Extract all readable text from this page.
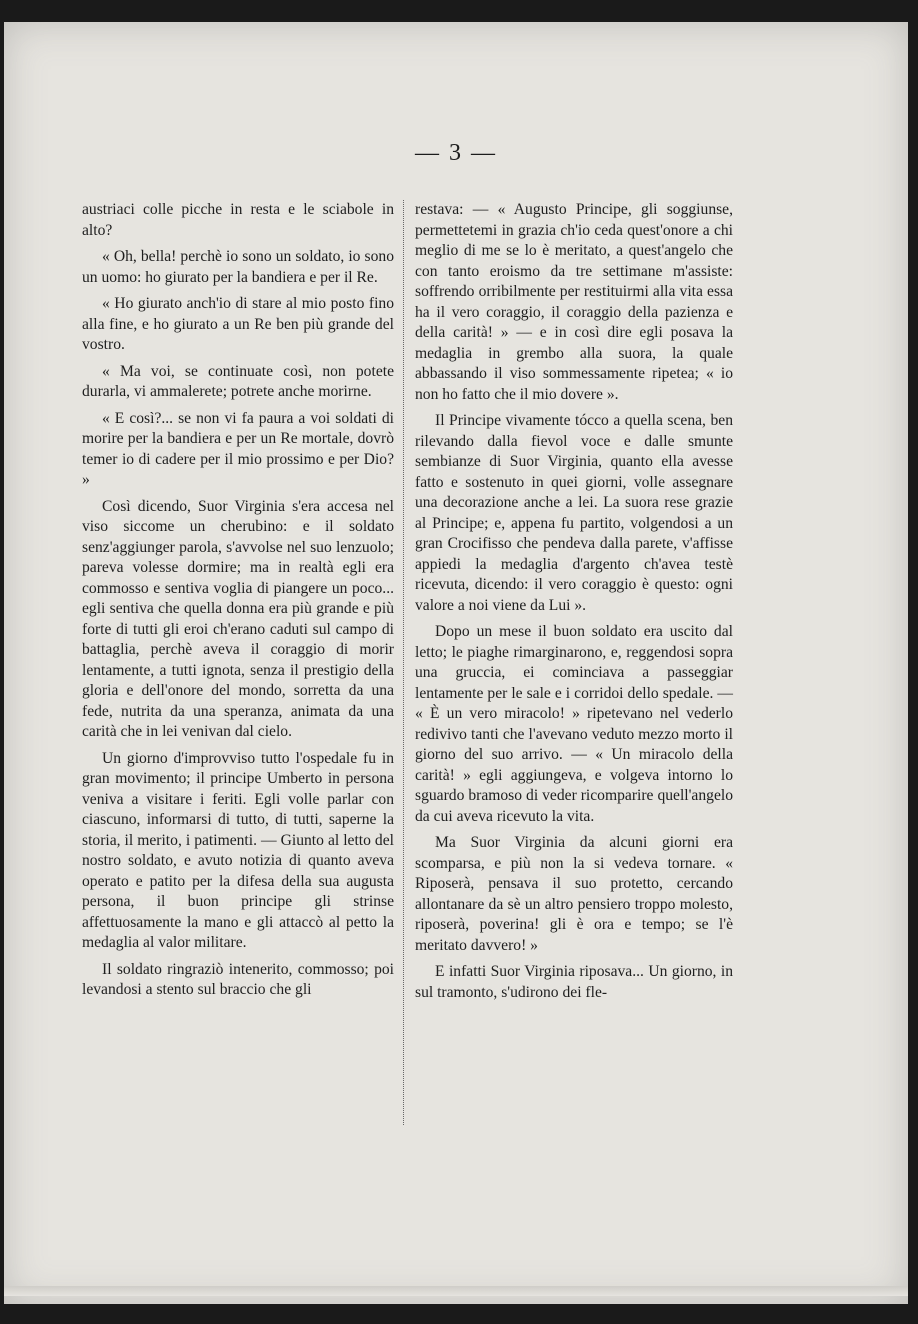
— 3 —

austriaci colle picche in resta e le sciabole in alto?

« Oh, bella! perchè io sono un soldato, io sono un uomo: ho giurato per la bandiera e per il Re.

« Ho giurato anch'io di stare al mio posto fino alla fine, e ho giurato a un Re ben più grande del vostro.

« Ma voi, se continuate così, non potete durarla, vi ammalerete; potrete anche morirne.

« E così?... se non vi fa paura a voi soldati di morire per la bandiera e per un Re mortale, dovrò temer io di cadere per il mio prossimo e per Dio? »

Così dicendo, Suor Virginia s'era accesa nel viso siccome un cherubino: e il soldato senz'aggiunger parola, s'avvolse nel suo lenzuolo; pareva volesse dormire; ma in realtà egli era commosso e sentiva voglia di piangere un poco... egli sentiva che quella donna era più grande e più forte di tutti gli eroi ch'erano caduti sul campo di battaglia, perchè aveva il coraggio di morir lentamente, a tutti ignota, senza il prestigio della gloria e dell'onore del mondo, sorretta da una fede, nutrita da una speranza, animata da una carità che in lei venivan dal cielo.

Un giorno d'improvviso tutto l'ospedale fu in gran movimento; il principe Umberto in persona veniva a visitare i feriti. Egli volle parlar con ciascuno, informarsi di tutto, di tutti, saperne la storia, il merito, i patimenti. — Giunto al letto del nostro soldato, e avuto notizia di quanto aveva operato e patito per la difesa della sua augusta persona, il buon principe gli strinse affettuosamente la mano e gli attaccò al petto la medaglia al valor militare.

Il soldato ringraziò intenerito, commosso; poi levandosi a stento sul braccio che gli

restava: — « Augusto Principe, gli soggiunse, permettetemi in grazia ch'io ceda quest'onore a chi meglio di me se lo è meritato, a quest'angelo che con tanto eroismo da tre settimane m'assiste: soffrendo orribilmente per restituirmi alla vita essa ha il vero coraggio, il coraggio della pazienza e della carità! » — e in così dire egli posava la medaglia in grembo alla suora, la quale abbassando il viso sommessamente ripetea; « io non ho fatto che il mio dovere ».

Il Principe vivamente tócco a quella scena, ben rilevando dalla fievol voce e dalle smunte sembianze di Suor Virginia, quanto ella avesse fatto e sostenuto in quei giorni, volle assegnare una decorazione anche a lei. La suora rese grazie al Principe; e, appena fu partito, volgendosi a un gran Crocifisso che pendeva dalla parete, v'affisse appiedi la medaglia d'argento ch'avea testè ricevuta, dicendo: il vero coraggio è questo: ogni valore a noi viene da Lui ».

Dopo un mese il buon soldato era uscito dal letto; le piaghe rimarginarono, e, reggendosi sopra una gruccia, ei cominciava a passeggiar lentamente per le sale e i corridoi dello spedale. — « È un vero miracolo! » ripetevano nel vederlo redivivo tanti che l'avevano veduto mezzo morto il giorno del suo arrivo. — « Un miracolo della carità! » egli aggiungeva, e volgeva intorno lo sguardo bramoso di veder ricomparire quell'angelo da cui aveva ricevuto la vita.

Ma Suor Virginia da alcuni giorni era scomparsa, e più non la si vedeva tornare. « Riposerà, pensava il suo protetto, cercando allontanare da sè un altro pensiero troppo molesto, riposerà, poverina! gli è ora e tempo; se l'è meritato davvero! »

E infatti Suor Virginia riposava... Un giorno, in sul tramonto, s'udirono dei fle-
